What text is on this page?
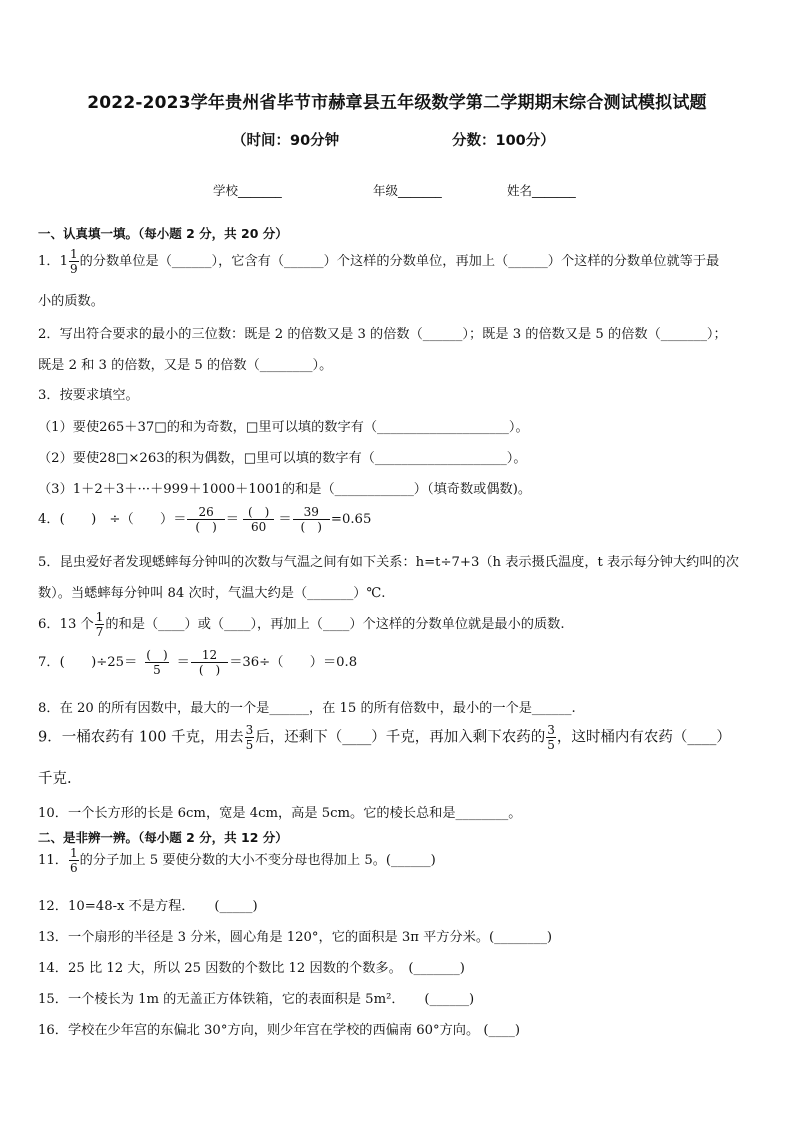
2022-2023学年贵州省毕节市赫章县五年级数学第二学期期末综合测试模拟试题
（时间：90分钟	分数：100分）
学校_______	年级_______	姓名_______
一、认真填一填。（每小题 2 分，共 20 分）
1．$1 \frac{1}{9}$ 的分数单位是（______），它含有（______）个这样的分数单位，再加上（______）个这样的分数单位就等于最
小的质数。
2．写出符合要求的最小的三位数：既是 2 的倍数又是 3 的倍数（______）；既是 3 的倍数又是 5 的倍数（_______）；
既是 2 和 3 的倍数，又是 5 的倍数（________）。
3．按要求填空。
（1）要使265＋37□的和为奇数，□里可以填的数字有（____________________）。
（2）要使28□×263的积为偶数，□里可以填的数字有（____________________）。
（3）1＋2＋3＋···＋999＋1000＋1001的和是（____________）（填奇数或偶数)。
4．(　　)　÷（　　）＝ $\frac{26}{( )} = \frac{( )}{60} = \frac{39}{( )} =0.65$
5．昆虫爱好者发现蟋蟀每分钟叫的次数与气温之间有如下关系：h=t÷7+3（h 表示摄氏温度，t 表示每分钟大约叫的次
数）。当蟋蟀每分钟叫 84 次时，气温大约是（_______）℃.
6．13 个 $\frac{1}{7}$ 的和是（____）或（____），再加上（____）个这样的分数单位就是最小的质数.
7．(　　)$\div 25= \frac{( )}{5} = \frac{12}{( )} =36\div$（　　）＝0.8
8．在 20 的所有因数中，最大的一个是______，在 15 的所有倍数中，最小的一个是______.
9．一桶农药有 100 千克，用去 $\frac{3}{5}$ 后，还剩下（____）千克，再加入剩下农药的 $\frac{3}{5}$ ，这时桶内有农药（____）
千克.
10．一个长方形的长是 6cm，宽是 4cm，高是 5cm。它的棱长总和是________。
二、是非辨一辨。（每小题 2 分，共 12 分）
11． $\frac{1}{6}$ 的分子加上 5 要使分数的大小不变分母也得加上 5。(______)
12．10=48-x 不是方程．　　(_____)
13．一个扇形的半径是 3 分米，圆心角是 120°，它的面积是 3π 平方分米。(________)
14．25 比 12 大，所以 25 因数的个数比 12 因数的个数多。　(_______)
15．一个棱长为 1m 的无盖正方体铁箱，它的表面积是 5m²．　　(______)
16．学校在少年宫的东偏北 30°方向，则少年宫在学校的西偏南 60°方向。 (____)
